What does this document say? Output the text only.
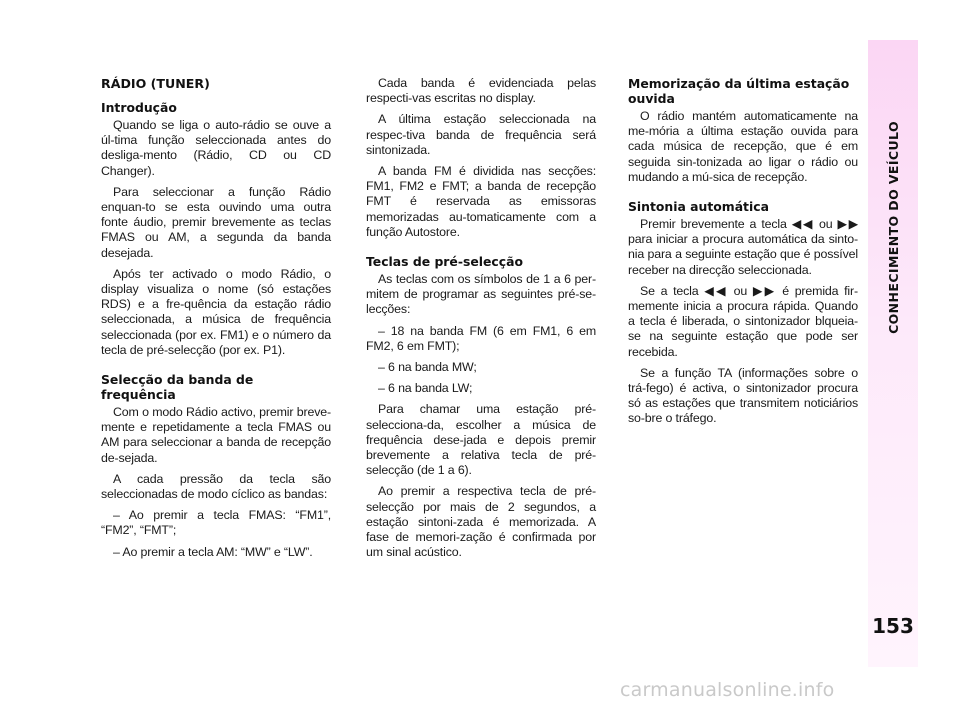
CONHECIMENTO DO VEÍCULO
153
RÁDIO (TUNER)
Introdução

Quando se liga o auto-rádio se ouve a úl-tima função seleccionada antes do desliga-mento (Rádio, CD ou CD Changer).

Para seleccionar a função Rádio enquan-to se esta ouvindo uma outra fonte áudio, premir brevemente as teclas FMAS ou AM, a segunda da banda desejada.

Após ter activado o modo Rádio, o display visualiza o nome (só estações RDS) e a fre-quência da estação rádio seleccionada, a música de frequência seleccionada (por ex. FM1) e o número da tecla de pré-selecção (por ex. P1).

Selecção da banda de frequência

Com o modo Rádio activo, premir breve-mente e repetidamente a tecla FMAS ou AM para seleccionar a banda de recepção de-sejada.

A cada pressão da tecla são seleccionadas de modo cíclico as bandas:

– Ao premir a tecla FMAS: “FM1”, “FM2”, “FMT”;

– Ao premir a tecla AM: “MW” e “LW”.

Cada banda é evidenciada pelas respecti-vas escritas no display.

A última estação seleccionada na respec-tiva banda de frequência será sintonizada.

A banda FM é dividida nas secções: FM1, FM2 e FMT; a banda de recepção FMT é reservada as emissoras memorizadas au-tomaticamente com a função Autostore.

Teclas de pré-selecção

As teclas com os símbolos de 1 a 6 per-mitem de programar as seguintes pré-se-lecções:

– 18 na banda FM (6 em FM1, 6 em FM2, 6 em FMT);

– 6 na banda MW;

– 6 na banda LW;

Para chamar uma estação pré-selecciona-da, escolher a música de frequência dese-jada e depois premir brevemente a relativa tecla de pré-selecção (de 1 a 6).

Ao premir a respectiva tecla de pré-selecção por mais de 2 segundos, a estação sintoni-zada é memorizada. A fase de memori-zação é confirmada por um sinal acústico.

Memorização da última estação ouvida

O rádio mantém automaticamente na me-mória a última estação ouvida para cada música de recepção, que é em seguida sin-tonizada ao ligar o rádio ou mudando a mú-sica de recepção.

Sintonia automática

Premir brevemente a tecla ◀◀ ou ▶▶ para iniciar a procura automática da sinto-nia para a seguinte estação que é possível receber na direcção seleccionada.

Se a tecla ◀◀ ou ▶▶ é premida fir-memente inicia a procura rápida. Quando a tecla é liberada, o sintonizador blqueia-se na seguinte estação que pode ser recebida.

Se a função TA (informações sobre o trá-fego) é activa, o sintonizador procura só as estações que transmitem noticiários so-bre o tráfego.

carmanualsonline.info
